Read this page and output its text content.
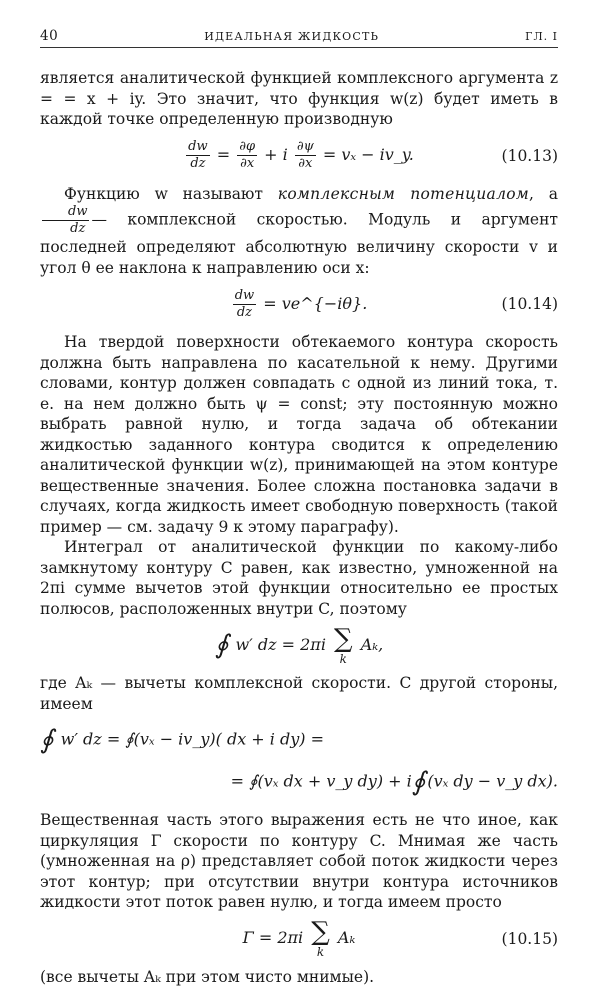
40	ИДЕАЛЬНАЯ ЖИДКОСТЬ	ГЛ. I

является аналитической функцией комплексного аргумента z = = x + iy. Это значит, что функция w(z) будет иметь в каждой точке определенную производную

$\frac{dw}{dz} = \frac{\partial\varphi}{\partial x} + i \frac{\partial\psi}{\partial x} = v_x$ − iv_y.	(10.13)

Функцию w называют комплексным потенциалом, а
$\frac{dw}{dz}$ — комплексной скоростью. Модуль и аргумент последней определяют абсолютную величину скорости v и угол θ ее наклона к направлению оси x:

$\frac{dw}{dz}$ = ve^{−iθ}.	(10.14)

На твердой поверхности обтекаемого контура скорость должна быть направлена по касательной к нему. Другими словами, контур должен совпадать с одной из линий тока, т. е. на нем должно быть ψ = const; эту постоянную можно выбрать равной нулю, и тогда задача об обтекании жидкостью заданного контура сводится к определению аналитической функции w(z), принимающей на этом контуре вещественные значения. Более сложна постановка задачи в случаях, когда жидкость имеет свободную поверхность (такой пример — см. задачу 9 к этому параграфу).

Интеграл от аналитической функции по какому-либо замкнутому контуру C равен, как известно, умноженной на 2πi сумме вычетов этой функции относительно ее простых полюсов, расположенных внутри C, поэтому

∮ w′ dz = 2πi ∑
k
Aₖ,

где Aₖ — вычеты комплексной скорости. С другой стороны, имеем

∮ w′ dz = ∮(vₓ − iv_y)( dx + i dy) =
= ∮(vₓ dx + v_y dy) + i∮ (vₓ dy − v_y dx).

Вещественная часть этого выражения есть не что иное, как циркуляция Γ скорости по контуру C. Мнимая же часть (умноженная на ρ) представляет собой поток жидкости через этот контур; при отсутствии внутри контура источников жидкости этот поток равен нулю, и тогда имеем просто

Γ = 2πi ∑
k
Aₖ	(10.15)

(все вычеты Aₖ при этом чисто мнимые).
